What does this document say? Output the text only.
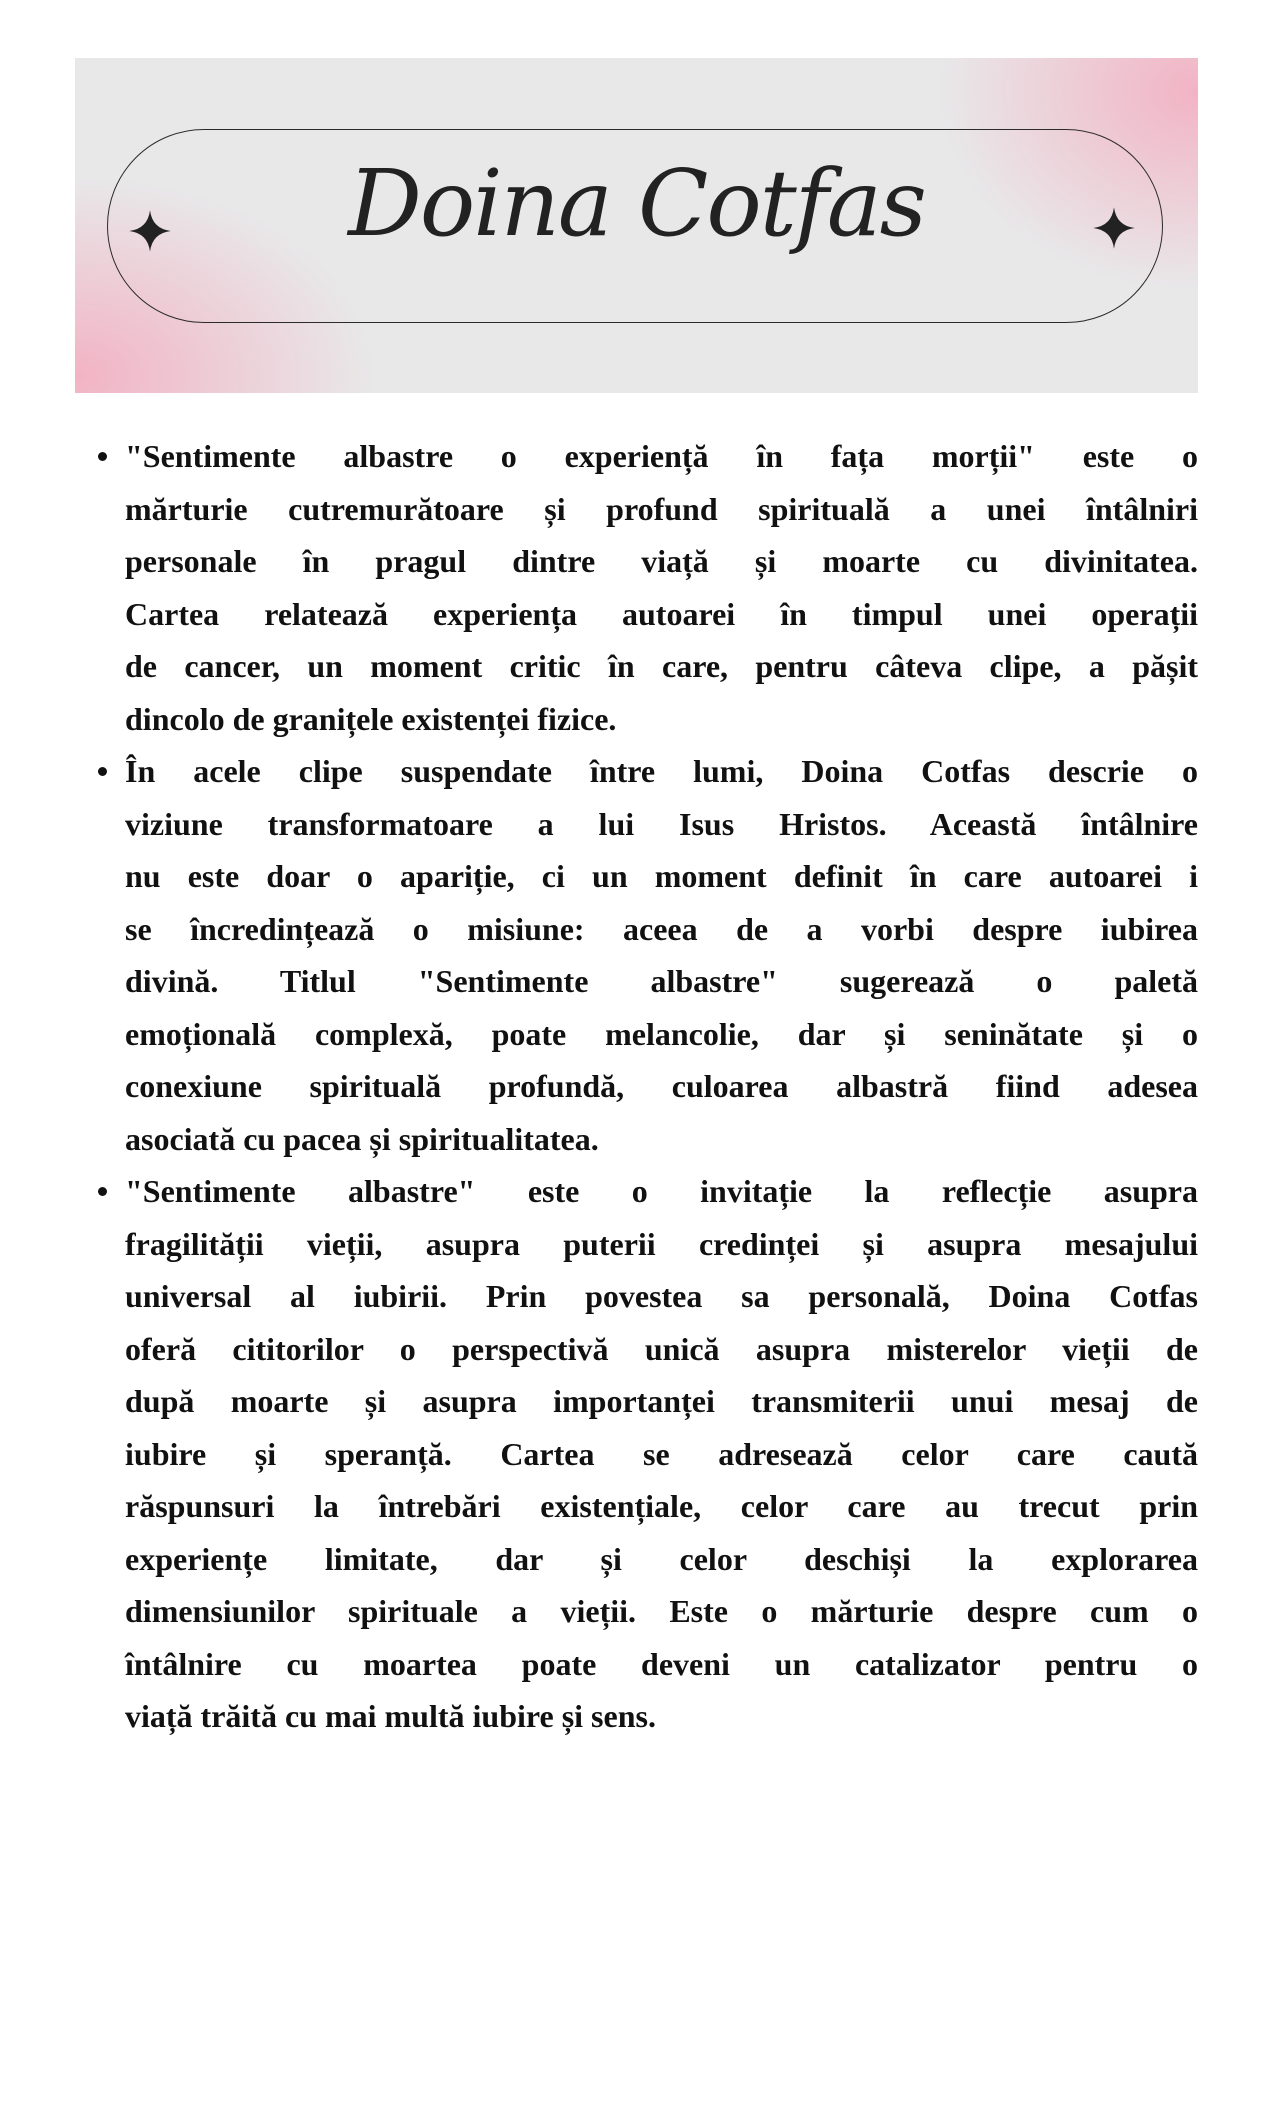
Doina Cotfas
"Sentimente albastre o experiență în fața morții" este o
mărturie cutremurătoare și profund spirituală a unei întâlniri
personale în pragul dintre viață și moarte cu divinitatea.
Cartea relatează experiența autoarei în timpul unei operații
de cancer, un moment critic în care, pentru câteva clipe, a pășit
dincolo de granițele existenței fizice.
În acele clipe suspendate între lumi, Doina Cotfas descrie o
viziune transformatoare a lui Isus Hristos. Această întâlnire
nu este doar o apariție, ci un moment definit în care autoarei i
se încredințează o misiune: aceea de a vorbi despre iubirea
divină. Titlul "Sentimente albastre" sugerează o paletă
emoțională complexă, poate melancolie, dar și seninătate și o
conexiune spirituală profundă, culoarea albastră fiind adesea
asociată cu pacea și spiritualitatea.
"Sentimente albastre" este o invitație la reflecție asupra
fragilității vieții, asupra puterii credinței și asupra mesajului
universal al iubirii. Prin povestea sa personală, Doina Cotfas
oferă cititorilor o perspectivă unică asupra misterelor vieții de
după moarte și asupra importanței transmiterii unui mesaj de
iubire și speranță. Cartea se adresează celor care caută
răspunsuri la întrebări existențiale, celor care au trecut prin
experiențe limitate, dar și celor deschiși la explorarea
dimensiunilor spirituale a vieții. Este o mărturie despre cum o
întâlnire cu moartea poate deveni un catalizator pentru o
viață trăită cu mai multă iubire și sens.
